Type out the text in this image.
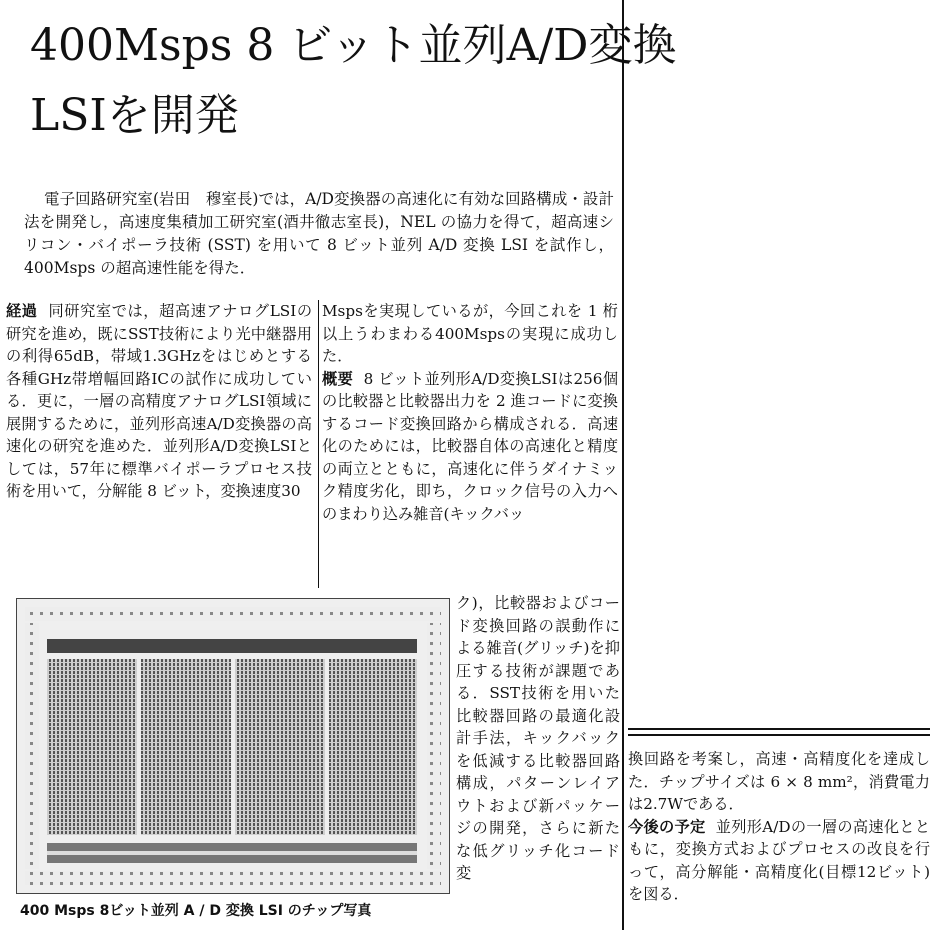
400Msps 8 ビット並列A/D変換
LSIを開発

電子回路研究室(岩田　穆室長)では，A/D変換器の高速化に有効な回路構成・設計法を開発し，高速度集積加工研究室(酒井徹志室長)，NEL の協力を得て，超高速シリコン・バイポーラ技術 (SST) を用いて 8 ビット並列 A/D 変換 LSI を試作し，400Msps の超高速性能を得た．

経過 同研究室では，超高速アナログLSIの研究を進め，既にSST技術により光中継器用の利得65dB，帯域1.3GHzをはじめとする各種GHz帯増幅回路ICの試作に成功している．更に，一層の高精度アナログLSI領域に展開するために，並列形高速A/D変換器の高速化の研究を進めた．並列形A/D変換LSIとしては，57年に標準バイポーラプロセス技術を用いて，分解能 8 ビット，変換速度30

Mspsを実現しているが，今回これを 1 桁以上うわまわる400Mspsの実現に成功した．

概要 8 ビット並列形A/D変換LSIは256個の比較器と比較器出力を 2 進コードに変換するコード変換回路から構成される．高速化のためには，比較器自体の高速化と精度の両立とともに，高速化に伴うダイナミック精度劣化，即ち，クロック信号の入力へのまわり込み雑音(キックバッ

ク)，比較器およびコード変換回路の誤動作による雑音(グリッチ)を抑圧する技術が課題である．SST技術を用いた比較器回路の最適化設計手法，キックバックを低減する比較器回路構成，パターンレイアウトおよび新パッケージの開発，さらに新たな低グリッチ化コード変

換回路を考案し，高速・高精度化を達成した．チップサイズは 6 × 8 mm²，消費電力は2.7Wである．

今後の予定 並列形A/Dの一層の高速化とともに，変換方式およびプロセスの改良を行って，高分解能・高精度化(目標12ビット)を図る．

400 Msps 8ビット並列 A / D 変換 LSI のチップ写真
